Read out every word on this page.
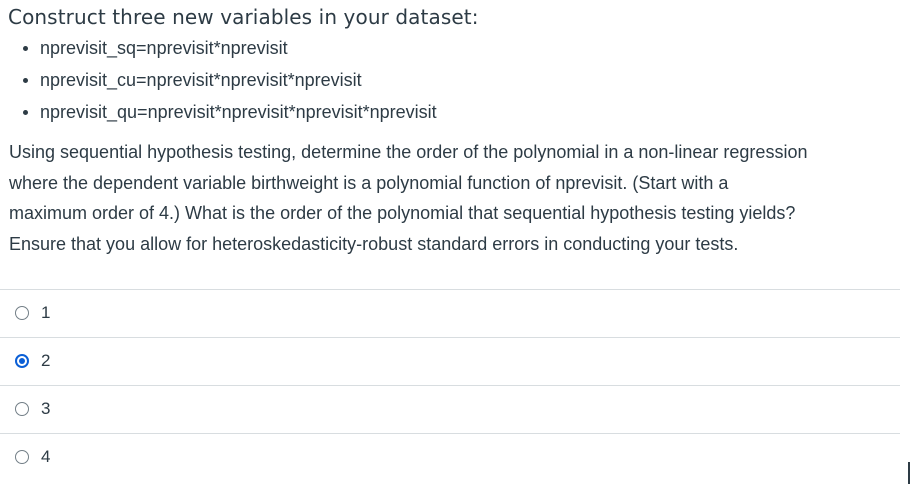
Construct three new variables in your dataset:
nprevisit_sq=nprevisit*nprevisit
nprevisit_cu=nprevisit*nprevisit*nprevisit
nprevisit_qu=nprevisit*nprevisit*nprevisit*nprevisit

Using sequential hypothesis testing, determine the order of the polynomial in a non-linear regression
where the dependent variable birthweight is a polynomial function of nprevisit. (Start with a
maximum order of 4.) What is the order of the polynomial that sequential hypothesis testing yields?
Ensure that you allow for heteroskedasticity-robust standard errors in conducting your tests.

1
2
3
4
